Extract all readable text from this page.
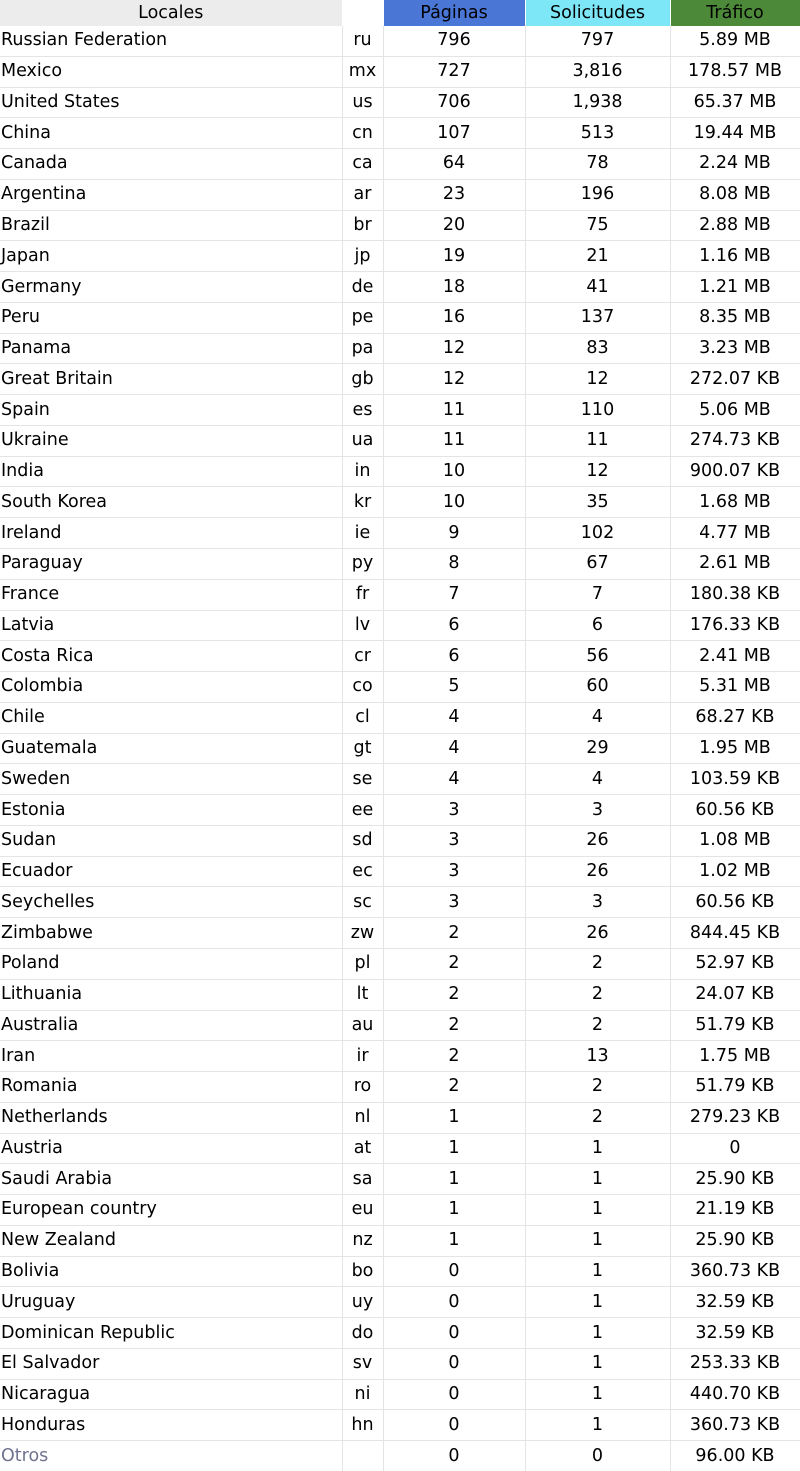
Locales		Páginas	Solicitudes	Tráfico
Russian Federation	ru	796	797	5.89 MB
Mexico	mx	727	3,816	178.57 MB
United States	us	706	1,938	65.37 MB
China	cn	107	513	19.44 MB
Canada	ca	64	78	2.24 MB
Argentina	ar	23	196	8.08 MB
Brazil	br	20	75	2.88 MB
Japan	jp	19	21	1.16 MB
Germany	de	18	41	1.21 MB
Peru	pe	16	137	8.35 MB
Panama	pa	12	83	3.23 MB
Great Britain	gb	12	12	272.07 KB
Spain	es	11	110	5.06 MB
Ukraine	ua	11	11	274.73 KB
India	in	10	12	900.07 KB
South Korea	kr	10	35	1.68 MB
Ireland	ie	9	102	4.77 MB
Paraguay	py	8	67	2.61 MB
France	fr	7	7	180.38 KB
Latvia	lv	6	6	176.33 KB
Costa Rica	cr	6	56	2.41 MB
Colombia	co	5	60	5.31 MB
Chile	cl	4	4	68.27 KB
Guatemala	gt	4	29	1.95 MB
Sweden	se	4	4	103.59 KB
Estonia	ee	3	3	60.56 KB
Sudan	sd	3	26	1.08 MB
Ecuador	ec	3	26	1.02 MB
Seychelles	sc	3	3	60.56 KB
Zimbabwe	zw	2	26	844.45 KB
Poland	pl	2	2	52.97 KB
Lithuania	lt	2	2	24.07 KB
Australia	au	2	2	51.79 KB
Iran	ir	2	13	1.75 MB
Romania	ro	2	2	51.79 KB
Netherlands	nl	1	2	279.23 KB
Austria	at	1	1	0
Saudi Arabia	sa	1	1	25.90 KB
European country	eu	1	1	21.19 KB
New Zealand	nz	1	1	25.90 KB
Bolivia	bo	0	1	360.73 KB
Uruguay	uy	0	1	32.59 KB
Dominican Republic	do	0	1	32.59 KB
El Salvador	sv	0	1	253.33 KB
Nicaragua	ni	0	1	440.70 KB
Honduras	hn	0	1	360.73 KB
Otros		0	0	96.00 KB
